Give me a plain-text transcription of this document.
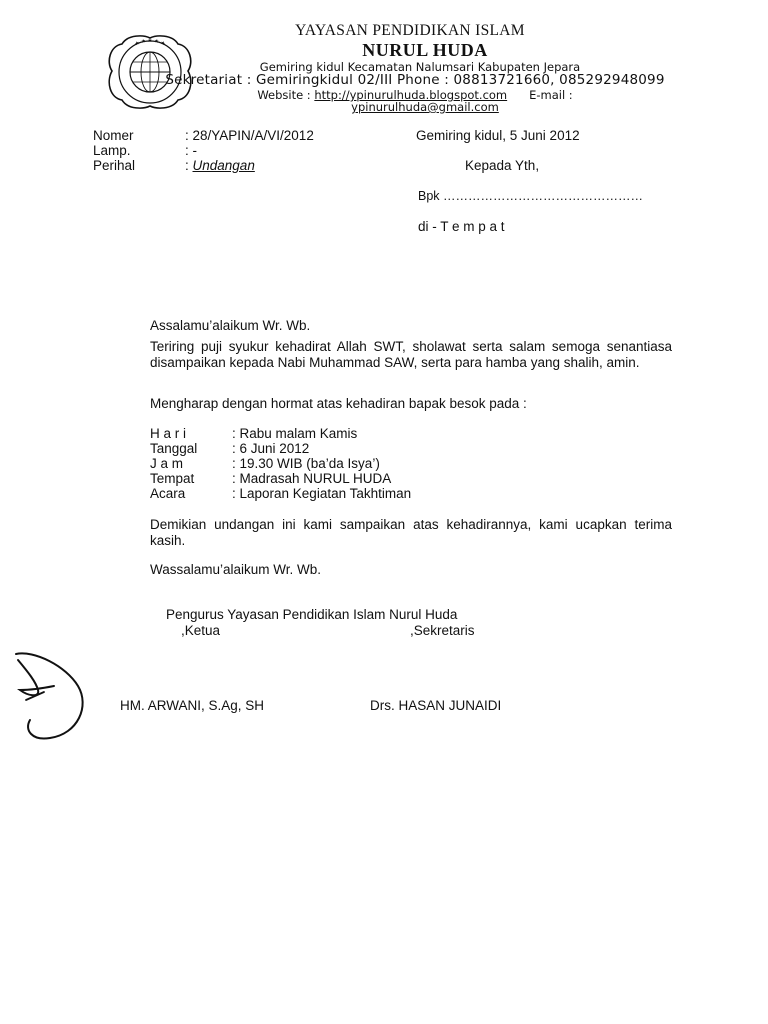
★ ★ ★ ★ ★
YAYASAN PENDIDIKAN ISLAM
NURUL HUDA
Gemiring kidul Kecamatan Nalumsari Kabupaten Jepara
Sekretariat : Gemiringkidul 02/III Phone : 08813721660, 085292948099
Website : http://ypinurulhuda.blogspot.com E-mail :
ypinurulhuda@gmail.com
Nomer	: 28/YAPIN/A/VI/2012
Lamp.	: -
Perihal	: Undangan
Gemiring kidul, 5 Juni 2012
Kepada Yth,
Bpk …………………………………………
di - T e m p a t
Assalamu’alaikum Wr. Wb.
Teriring puji syukur kehadirat Allah SWT, sholawat serta salam semoga senantiasa disampaikan kepada Nabi Muhammad SAW, serta para hamba yang shalih, amin.
Mengharap dengan hormat atas kehadiran bapak besok pada :
H a r i	: Rabu malam Kamis
Tanggal	: 6 Juni 2012
J a m	: 19.30 WIB (ba’da Isya’)
Tempat	: Madrasah NURUL HUDA
Acara	: Laporan Kegiatan Takhtiman
Demikian undangan ini kami sampaikan atas kehadirannya, kami ucapkan terima kasih.
Wassalamu’alaikum Wr. Wb.
Pengurus Yayasan Pendidikan Islam Nurul Huda
,Ketua	,Sekretaris
HM. ARWANI, S.Ag, SH	Drs. HASAN JUNAIDI
